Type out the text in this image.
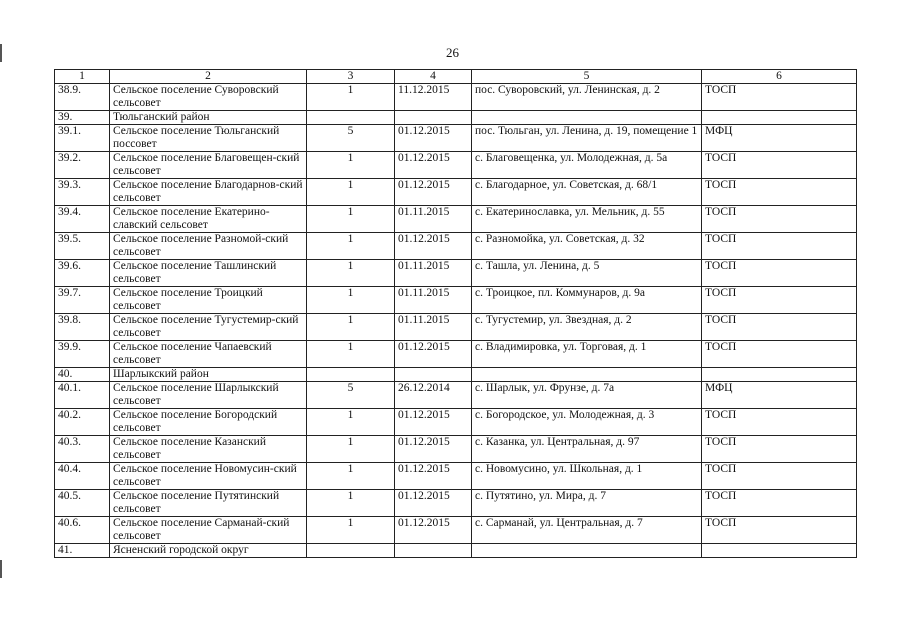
26
1	2	3	4	5	6
38.9.	Сельское поселение Суворовский сельсовет	1	11.12.2015	пос. Суворовский, ул. Ленинская, д. 2	ТОСП
39.	Тюльганский район				
39.1.	Сельское поселение Тюльганский поссовет	5	01.12.2015	пос. Тюльган, ул. Ленина, д. 19, помещение 1	МФЦ
39.2.	Сельское поселение Благовещен-ский сельсовет	1	01.12.2015	с. Благовещенка, ул. Молодежная, д. 5а	ТОСП
39.3.	Сельское поселение Благодарнов-ский сельсовет	1	01.12.2015	с. Благодарное, ул. Советская, д. 68/1	ТОСП
39.4.	Сельское поселение Екатерино-славский сельсовет	1	01.11.2015	с. Екатеринославка, ул. Мельник, д. 55	ТОСП
39.5.	Сельское поселение Разномой-ский сельсовет	1	01.12.2015	с. Разномойка, ул. Советская, д. 32	ТОСП
39.6.	Сельское поселение Ташлинский сельсовет	1	01.11.2015	с. Ташла, ул. Ленина, д. 5	ТОСП
39.7.	Сельское поселение Троицкий сельсовет	1	01.11.2015	с. Троицкое, пл. Коммунаров, д. 9а	ТОСП
39.8.	Сельское поселение Тугустемир-ский сельсовет	1	01.11.2015	с. Тугустемир, ул. Звездная, д. 2	ТОСП
39.9.	Сельское поселение Чапаевский сельсовет	1	01.12.2015	с. Владимировка, ул. Торговая, д. 1	ТОСП
40.	Шарлыкский район				
40.1.	Сельское поселение Шарлыкский сельсовет	5	26.12.2014	с. Шарлык, ул. Фрунзе, д. 7а	МФЦ
40.2.	Сельское поселение Богородский сельсовет	1	01.12.2015	с. Богородское, ул. Молодежная, д. 3	ТОСП
40.3.	Сельское поселение Казанский сельсовет	1	01.12.2015	с. Казанка, ул. Центральная, д. 97	ТОСП
40.4.	Сельское поселение Новомусин-ский сельсовет	1	01.12.2015	с. Новомусино, ул. Школьная, д. 1	ТОСП
40.5.	Сельское поселение Путятинский сельсовет	1	01.12.2015	с. Путятино, ул. Мира, д. 7	ТОСП
40.6.	Сельское поселение Сарманай-ский сельсовет	1	01.12.2015	с. Сарманай, ул. Центральная, д. 7	ТОСП
41.	Ясненский городской округ				
